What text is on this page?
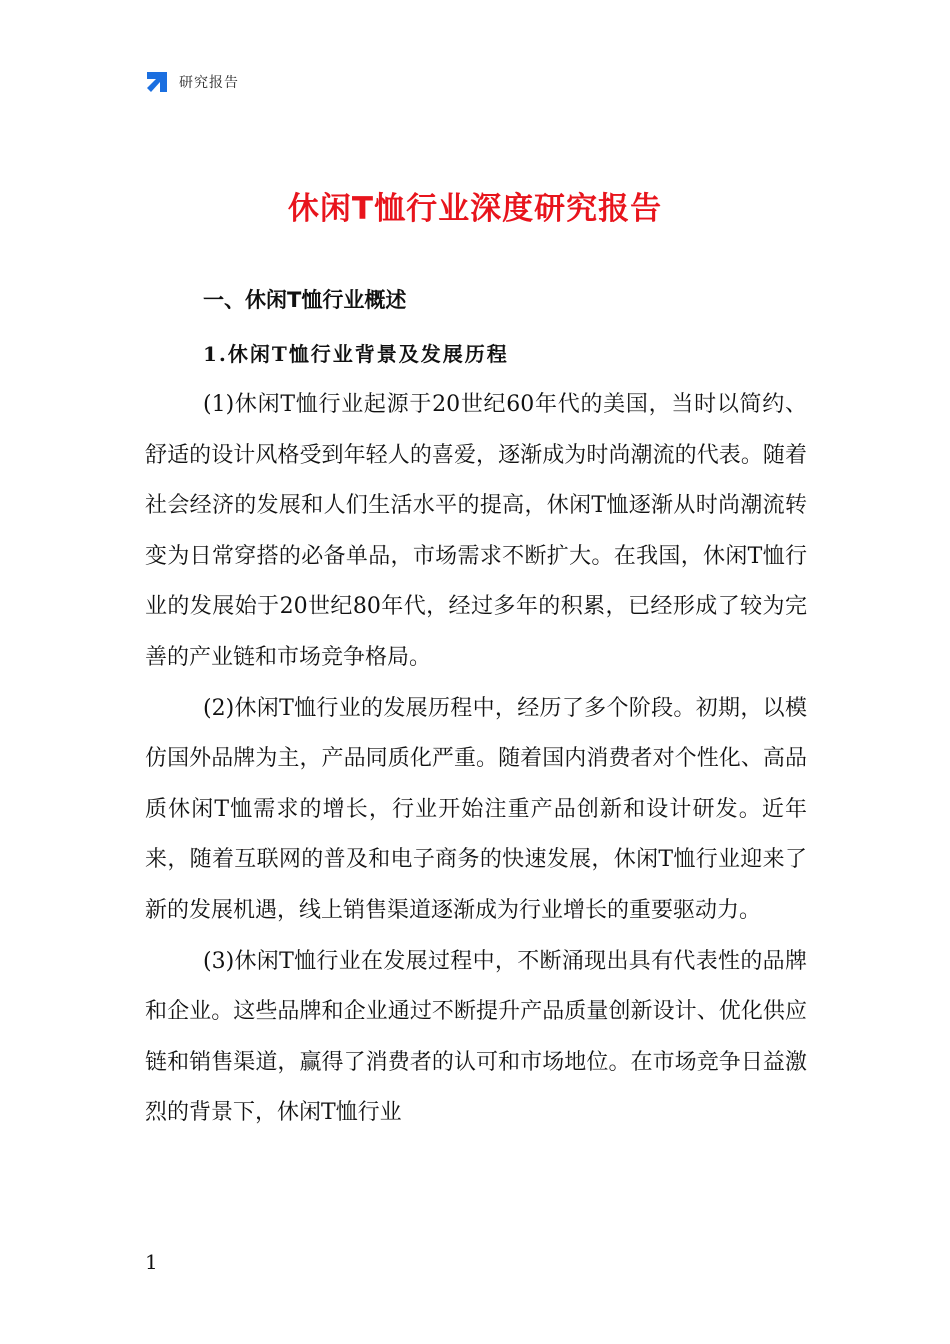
研究报告
休闲T恤行业深度研究报告
一、休闲T恤行业概述
1.休闲T恤行业背景及发展历程

(1)休闲T恤行业起源于20世纪60年代的美国，当时以简约、舒适的设计风格受到年轻人的喜爱，逐渐成为时尚潮流的代表。随着社会经济的发展和人们生活水平的提高，休闲T恤逐渐从时尚潮流转变为日常穿搭的必备单品，市场需求不断扩大。在我国，休闲T恤行业的发展始于20世纪80年代，经过多年的积累，已经形成了较为完善的产业链和市场竞争格局。

(2)休闲T恤行业的发展历程中，经历了多个阶段。初期，以模仿国外品牌为主，产品同质化严重。随着国内消费者对个性化、高品质休闲T恤需求的增长，行业开始注重产品创新和设计研发。近年来，随着互联网的普及和电子商务的快速发展，休闲T恤行业迎来了新的发展机遇，线上销售渠道逐渐成为行业增长的重要驱动力。

(3)休闲T恤行业在发展过程中，不断涌现出具有代表性的品牌和企业。这些品牌和企业通过不断提升产品质量创新设计、优化供应链和销售渠道，赢得了消费者的认可和市场地位。在市场竞争日益激烈的背景下，休闲T恤行业

1
